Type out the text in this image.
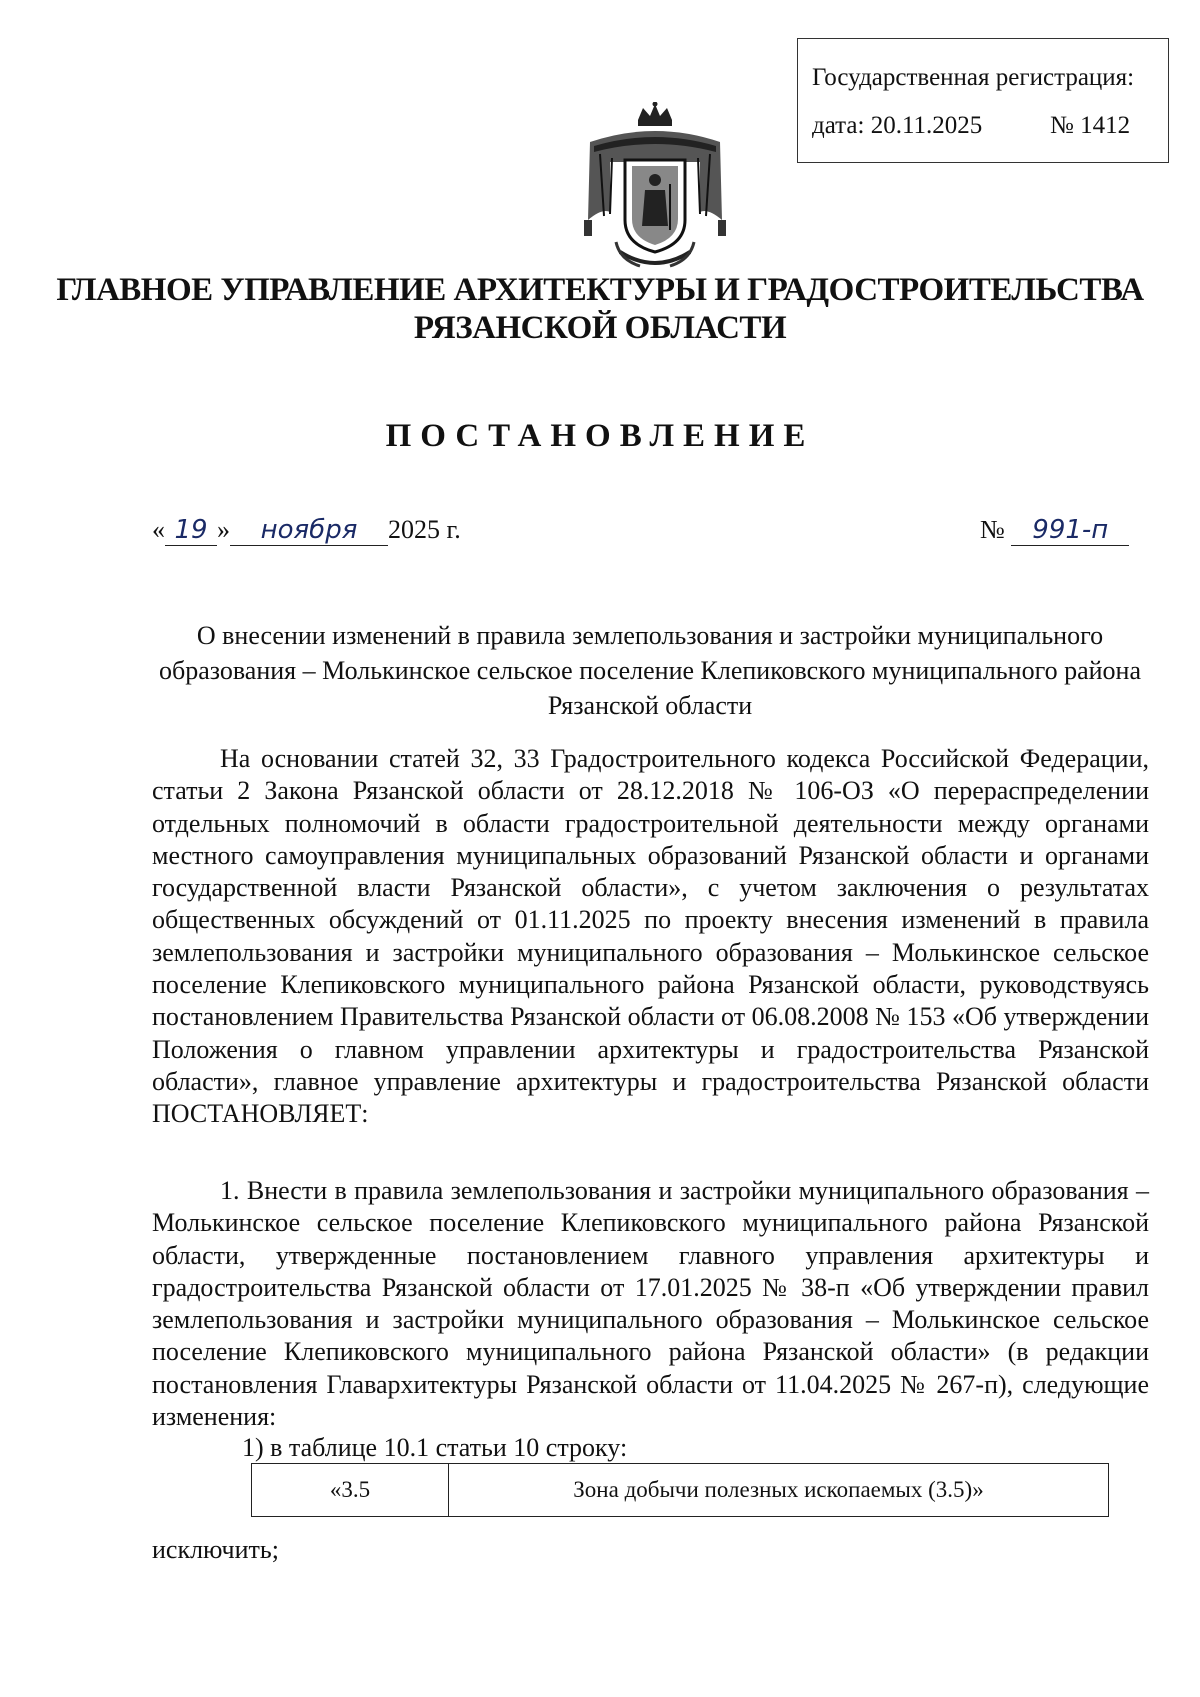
Государственная регистрация:
дата: 20.11.2025	№ 1412
ГЛАВНОЕ УПРАВЛЕНИЕ АРХИТЕКТУРЫ И ГРАДОСТРОИТЕЛЬСТВА
РЯЗАНСКОЙ ОБЛАСТИ
ПОСТАНОВЛЕНИЕ
« 19 » ноября 2025 г.	№ 991-п
О внесении изменений в правила землепользования и застройки муниципального образования – Молькинское сельское поселение Клепиковского муниципального района Рязанской области
На основании статей 32, 33 Градостроительного кодекса Российской Федерации, статьи 2 Закона Рязанской области от 28.12.2018 № 106-ОЗ «О перераспределении отдельных полномочий в области градостроительной деятельности между органами местного самоуправления муниципальных образований Рязанской области и органами государственной власти Рязанской области», с учетом заключения о результатах общественных обсуждений от 01.11.2025 по проекту внесения изменений в правила землепользования и застройки муниципального образования – Молькинское сельское поселение Клепиковского муниципального района Рязанской области, руководствуясь постановлением Правительства Рязанской области от 06.08.2008 № 153 «Об утверждении Положения о главном управлении архитектуры и градостроительства Рязанской области», главное управление архитектуры и градостроительства Рязанской области ПОСТАНОВЛЯЕТ:
1. Внести в правила землепользования и застройки муниципального образования – Молькинское сельское поселение Клепиковского муниципального района Рязанской области, утвержденные постановлением главного управления архитектуры и градостроительства Рязанской области от 17.01.2025 № 38-п «Об утверждении правил землепользования и застройки муниципального образования – Молькинское сельское поселение Клепиковского муниципального района Рязанской области» (в редакции постановления Главархитектуры Рязанской области от 11.04.2025 № 267-п), следующие изменения:
1) в таблице 10.1 статьи 10 строку:
«3.5	Зона добычи полезных ископаемых (3.5)»
исключить;
